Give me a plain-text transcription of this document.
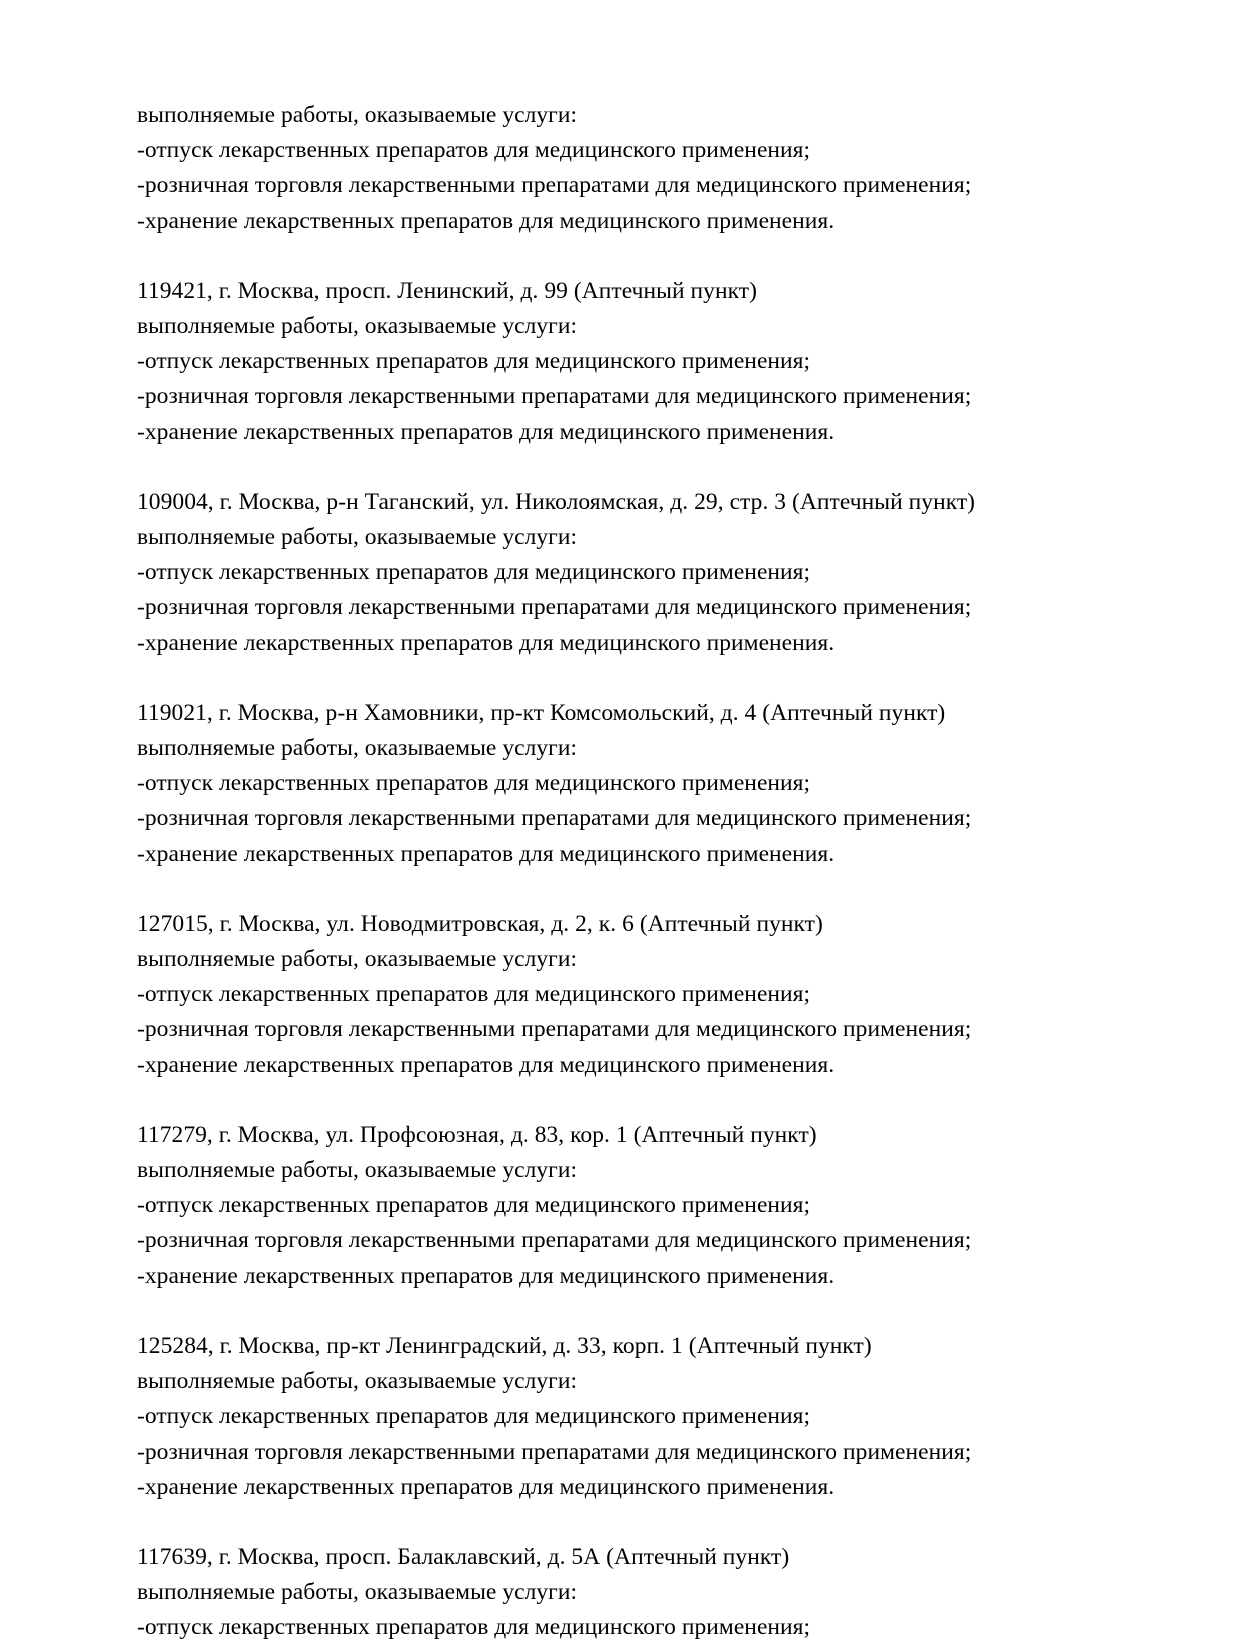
выполняемые работы, оказываемые услуги:
-отпуск лекарственных препаратов для медицинского применения;
-розничная торговля лекарственными препаратами для медицинского применения;
-хранение лекарственных препаратов для медицинского применения.
119421, г. Москва, просп. Ленинский, д. 99 (Аптечный пункт)
выполняемые работы, оказываемые услуги:
-отпуск лекарственных препаратов для медицинского применения;
-розничная торговля лекарственными препаратами для медицинского применения;
-хранение лекарственных препаратов для медицинского применения.
109004, г. Москва, р-н Таганский, ул. Николоямская, д. 29, стр. 3 (Аптечный пункт)
выполняемые работы, оказываемые услуги:
-отпуск лекарственных препаратов для медицинского применения;
-розничная торговля лекарственными препаратами для медицинского применения;
-хранение лекарственных препаратов для медицинского применения.
119021, г. Москва, р-н Хамовники, пр-кт Комсомольский, д. 4 (Аптечный пункт)
выполняемые работы, оказываемые услуги:
-отпуск лекарственных препаратов для медицинского применения;
-розничная торговля лекарственными препаратами для медицинского применения;
-хранение лекарственных препаратов для медицинского применения.
127015, г. Москва, ул. Новодмитровская, д. 2, к. 6 (Аптечный пункт)
выполняемые работы, оказываемые услуги:
-отпуск лекарственных препаратов для медицинского применения;
-розничная торговля лекарственными препаратами для медицинского применения;
-хранение лекарственных препаратов для медицинского применения.
117279, г. Москва, ул. Профсоюзная, д. 83, кор. 1 (Аптечный пункт)
выполняемые работы, оказываемые услуги:
-отпуск лекарственных препаратов для медицинского применения;
-розничная торговля лекарственными препаратами для медицинского применения;
-хранение лекарственных препаратов для медицинского применения.
125284, г. Москва, пр-кт Ленинградский, д. 33, корп. 1 (Аптечный пункт)
выполняемые работы, оказываемые услуги:
-отпуск лекарственных препаратов для медицинского применения;
-розничная торговля лекарственными препаратами для медицинского применения;
-хранение лекарственных препаратов для медицинского применения.
117639, г. Москва, просп. Балаклавский, д. 5А (Аптечный пункт)
выполняемые работы, оказываемые услуги:
-отпуск лекарственных препаратов для медицинского применения;
